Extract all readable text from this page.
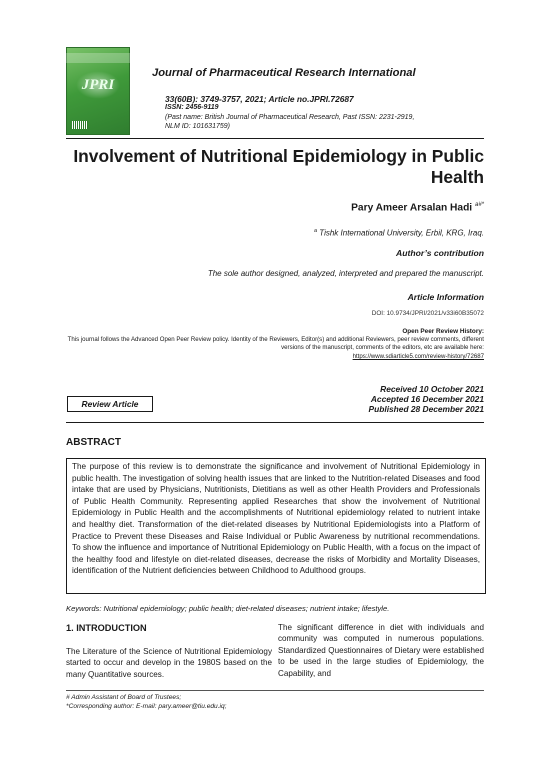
JPRI
Journal of Pharmaceutical Research International
33(60B): 3749-3757, 2021; Article no.JPRI.72687
ISSN: 2456-9119
(Past name: British Journal of Pharmaceutical Research, Past ISSN: 2231-2919,
NLM ID: 101631759)
Involvement of Nutritional Epidemiology in Public Health
Pary Ameer Arsalan Hadi $^{a\#*}$
$^a$ Tishk International University, Erbil, KRG, Iraq.
Author’s contribution
The sole author designed, analyzed, interpreted and prepared the manuscript.
Article Information
DOI: 10.9734/JPRI/2021/v33i60B35072
Open Peer Review History:
This journal follows the Advanced Open Peer Review policy. Identity of the Reviewers, Editor(s) and additional Reviewers, peer review comments, different versions of the manuscript, comments of the editors, etc are available here:
https://www.sdiarticle5.com/review-history/72687
Received 10 October 2021
Accepted 16 December 2021
Published 28 December 2021
Review Article
ABSTRACT

The purpose of this review is to demonstrate the significance and involvement of Nutritional Epidemiology in public health. The investigation of solving health issues that are linked to the Nutrition-related Diseases and food intake that are used by Physicians, Nutritionists, Dietitians as well as other Health Providers and Professionals of Public Health Community. Representing applied Researches that show the involvement of Nutritional Epidemiology in Public Health and the accomplishments of Nutritional epidemiology related to nutrient intake and healthy diet. Transformation of the diet-related diseases by Nutritional Epidemiologists into a Platform of Practice to Prevent these Diseases and Raise Individual or Public Awareness by nutritional recommendations. To show the influence and importance of Nutritional Epidemiology on Public Health, with a focus on the impact of the healthy food and lifestyle on diet-related diseases, decrease the risks of Morbidity and Mortality Diseases, identification of the Nutrient deficiencies between Childhood to Adulthood groups.

Keywords: Nutritional epidemiology; public health; diet-related diseases; nutrient intake; lifestyle.
1. INTRODUCTION

The Literature of the Science of Nutritional Epidemiology started to occur and develop in the 1980S based on the many Quantitative sources.

The significant difference in diet with individuals and community was computed in numerous populations. Standardized Questionnaires of Dietary were established to be used in the large studies of Epidemiology, the Capability, and

# Admin Assistant of Board of Trustees;
*Corresponding author: E-mail: pary.ameer@tiu.edu.iq;
